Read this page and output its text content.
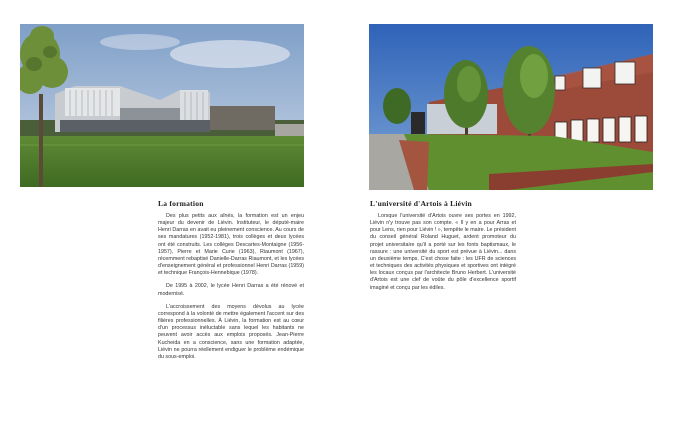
La formation

Des plus petits aux aînés, la formation est un enjeu majeur du devenir de Liévin. Instituteur, le député-maire Henri Darras en avait eu pleinement conscience. Au cours de ses mandatures (1952-1981), trois collèges et deux lycées ont été construits. Les collèges Descartes-Montaigne (1956-1957), Pierre et Marie Curie (1963), Riaumont (1967), récemment rebaptisé Danielle-Darras Riaumont, et les lycées d'enseignement général et professionnel Henri Darras (1959) et technique François-Hennebique (1978).

De 1995 à 2002, le lycée Henri Darras a été rénové et modernisé.

L'accroissement des moyens dévolus au lycée correspond à la volonté de mettre également l'accent sur des filières professionnelles. À Liévin, la formation est au cœur d'un processus inéluctable sans lequel les habitants ne peuvent avoir accès aux emplois proposés. Jean-Pierre Kucheida en a conscience, sans une formation adaptée, Liévin ne pourra réellement endiguer le problème endémique du sous-emploi.

L'université d'Artois à Liévin

Lorsque l'université d'Artois ouvre ses portes en 1992, Liévin n'y trouve pas son compte. « Il y en a pour Arras et pour Lens, rien pour Liévin ! », tempête le maire. Le président du conseil général Roland Huguet, ardent promoteur du projet universitaire qu'il a porté sur les fonts baptismaux, le rassure : une université du sport est prévue à Liévin... dans un deuxième temps. C'est chose faite : les UFR de sciences et techniques des activités physiques et sportives ont intégré les locaux conçus par l'architecte Bruno Herbert. L'université d'Artois est une clef de voûte du pôle d'excellence sportif imaginé et conçu par les édiles.
